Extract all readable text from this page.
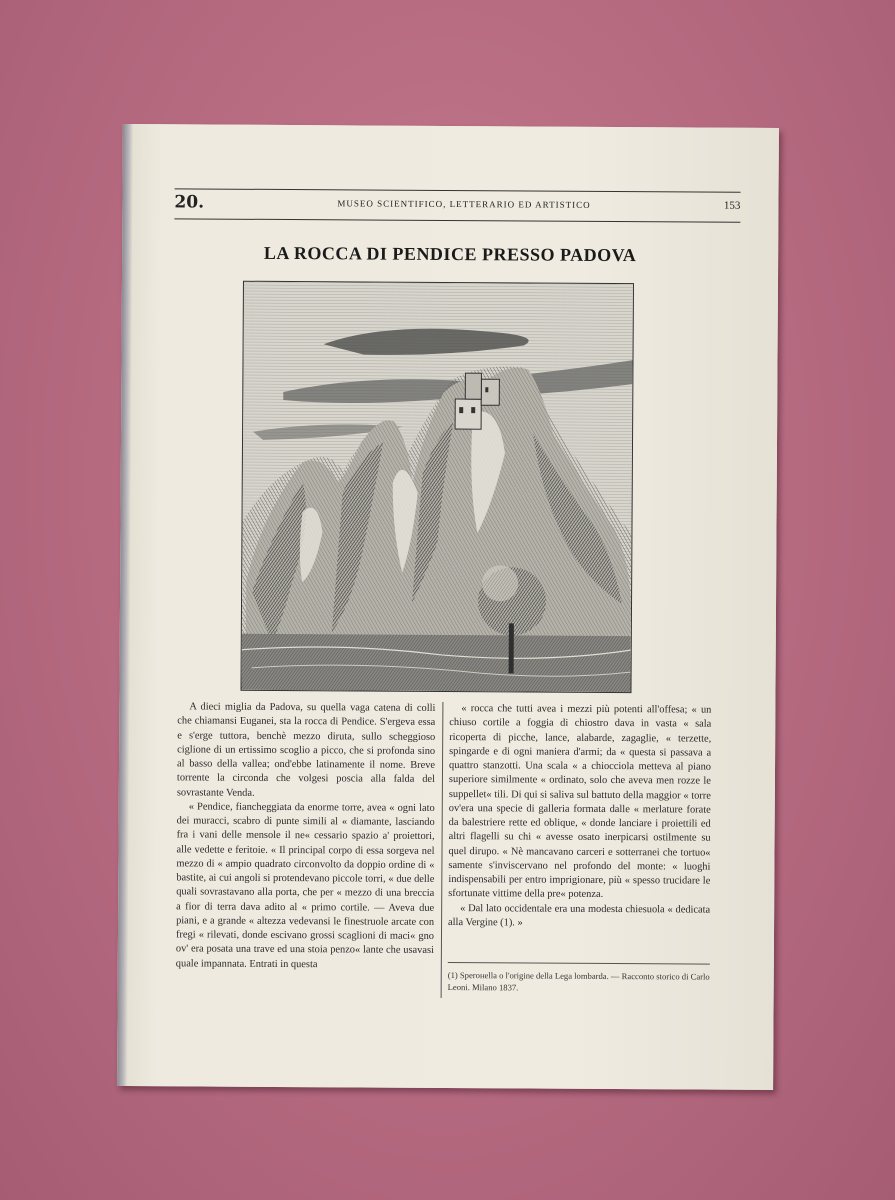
20.	MUSEO SCIENTIFICO, LETTERARIO ED ARTISTICO	153
LA ROCCA DI PENDICE PRESSO PADOVA

A dieci miglia da Padova, su quella vaga catena di colli che chiamansi Euganei, sta la rocca di Pendice. S'ergeva essa e s'erge tuttora, benchè mezzo diruta, sullo scheggioso ciglione di un ertissimo scoglio a picco, che si profonda sino al basso della vallea; ond'ebbe latinamente il nome. Breve torrente la circonda che volgesi poscia alla falda del sovrastante Venda.

« Pendice, fiancheggiata da enorme torre, avea « ogni lato dei muracci, scabro di punte simili al « diamante, lasciando fra i vani delle mensole il ne« cessario spazio a' proiettori, alle vedette e feritoie. « Il principal corpo di essa sorgeva nel mezzo di « ampio quadrato circonvolto da doppio ordine di « bastite, ai cui angoli si protendevano piccole torri, « due delle quali sovrastavano alla porta, che per « mezzo di una breccia a fior di terra dava adito al « primo cortile. — Aveva due piani, e a grande « altezza vedevansi le finestruole arcate con fregi « rilevati, donde escivano grossi scaglioni di maci« gno ov' era posata una trave ed una stoia penzo« lante che usavasi quale impannata. Entrati in questa

« rocca che tutti avea i mezzi più potenti all'offesa; « un chiuso cortile a foggia di chiostro dava in vasta « sala ricoperta di picche, lance, alabarde, zagaglie, « terzette, spingarde e di ogni maniera d'armi; da « questa si passava a quattro stanzotti. Una scala « a chiocciola metteva al piano superiore similmente « ordinato, solo che aveva men rozze le suppellet« tili. Di qui si saliva sul battuto della maggior « torre ov'era una specie di galleria formata dalle « merlature forate da balestriere rette ed oblique, « donde lanciare i proiettili ed altri flagelli su chi « avesse osato inerpicarsi ostilmente su quel dirupo. « Nè mancavano carceri e sotterranei che tortuo« samente s'inviscervano nel profondo del monte: « luoghi indispensabili per entro imprigionare, più « spesso trucidare le sfortunate vittime della pre« potenza.

« Dal lato occidentale era una modesta chiesuola « dedicata alla Vergine (1). »

(1) Sperонella o l'origine della Lega lombarda. — Racconto storico di Carlo Leoni. Milano 1837.
